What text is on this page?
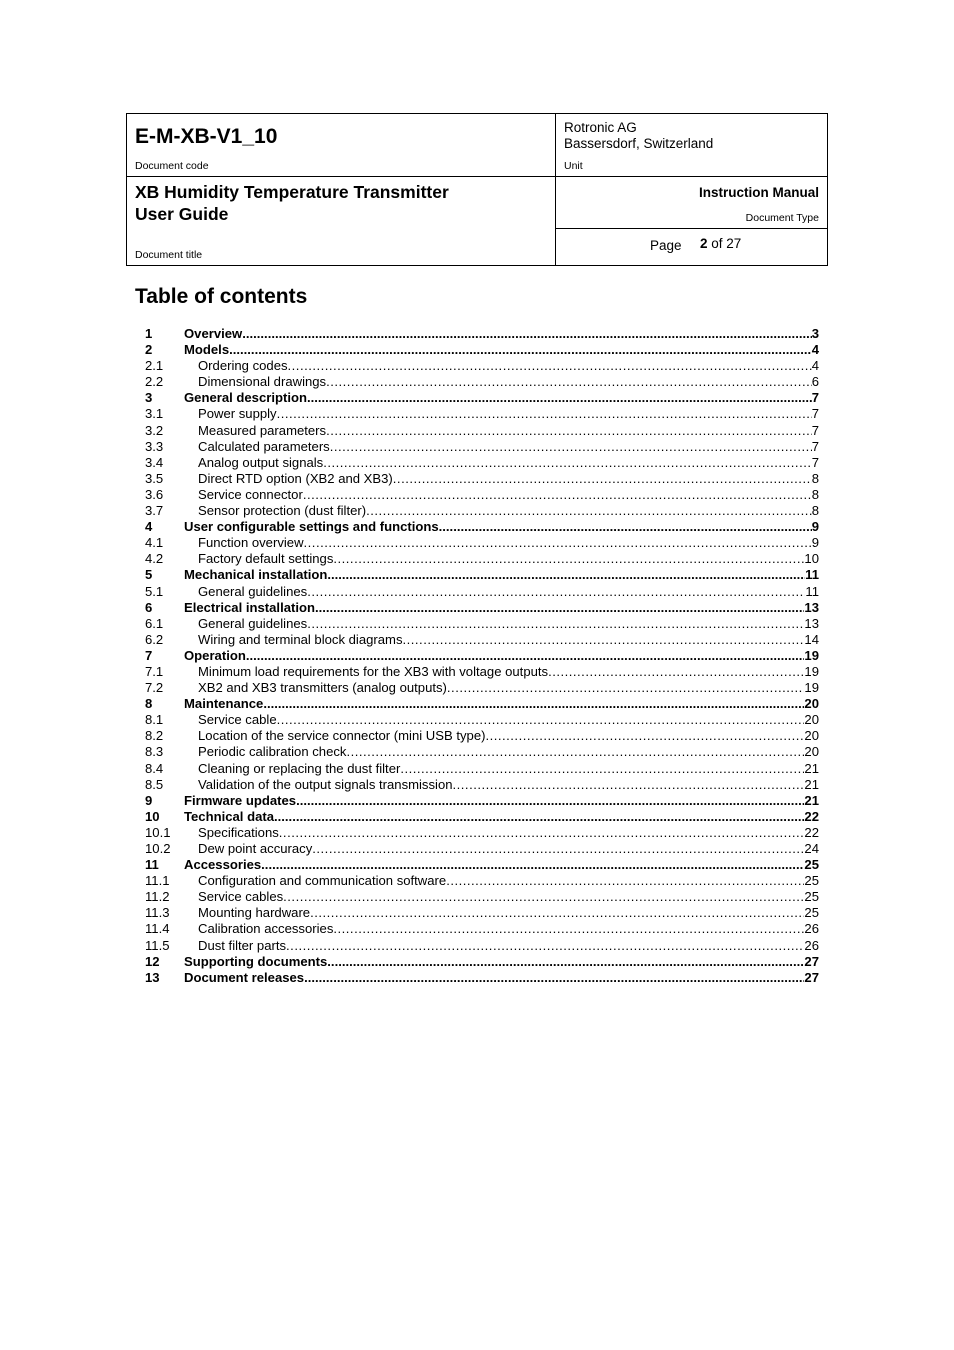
E-M-XB-V1_10
Document code
Rotronic AG
Bassersdorf, Switzerland
Unit
XB Humidity Temperature Transmitter
User Guide
Document title
Instruction Manual
Document Type
Page 2 of 27
Table of contents
1 Overview .....	3
2 Models .....	4
2.1	Ordering codes .....	4
2.2	Dimensional drawings .....	6
3 General description .....	7
3.1	Power supply .....	7
3.2	Measured parameters .....	7
3.3	Calculated parameters .....	7
3.4	Analog output signals .....	7
3.5	Direct RTD option (XB2 and XB3) .....	8
3.6	Service connector .....	8
3.7	Sensor protection (dust filter) .....	8
4 User configurable settings and functions .....	9
4.1	Function overview .....	9
4.2	Factory default settings .....	10
5 Mechanical installation .....	11
5.1	General guidelines .....	11
6 Electrical installation .....	13
6.1	General guidelines .....	13
6.2	Wiring and terminal block diagrams .....	14
7 Operation .....	19
7.1	Minimum load requirements for the XB3 with voltage outputs .....	19
7.2	XB2 and XB3 transmitters (analog outputs) .....	19
8 Maintenance .....	20
8.1	Service cable .....	20
8.2	Location of the service connector (mini USB type) .....	20
8.3	Periodic calibration check .....	20
8.4	Cleaning or replacing the dust filter .....	21
8.5	Validation of the output signals transmission .....	21
9 Firmware updates .....	21
10 Technical data .....	22
10.1 Specifications .....	22
10.2 Dew point accuracy .....	24
11 Accessories .....	25
11.1 Configuration and communication software .....	25
11.2 Service cables .....	25
11.3 Mounting hardware .....	25
11.4 Calibration accessories .....	26
11.5 Dust filter parts .....	26
12 Supporting documents .....	27
13 Document releases .....	27
